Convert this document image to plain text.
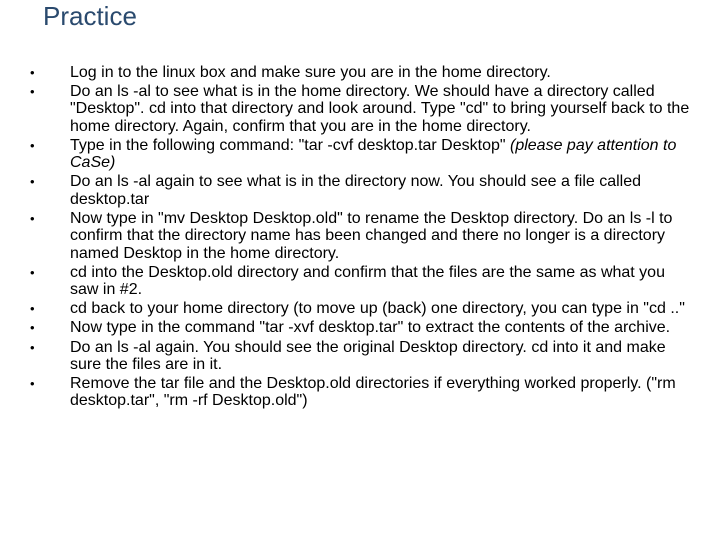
Practice
• Log in to the linux box and make sure you are in the home directory.
• Do an ls -al to see what is in the home directory. We should have a directory called "Desktop". cd into that directory and look around. Type "cd" to bring yourself back to the home directory. Again, confirm that you are in the home directory.
• Type in the following command: "tar -cvf desktop.tar Desktop" (please pay attention to CaSe)
• Do an ls -al again to see what is in the directory now. You should see a file called desktop.tar
• Now type in "mv Desktop Desktop.old" to rename the Desktop directory. Do an ls -l to confirm that the directory name has been changed and there no longer is a directory named Desktop in the home directory.
• cd into the Desktop.old directory and confirm that the files are the same as what you saw in #2.
• cd back to your home directory (to move up (back) one directory, you can type in "cd .."
• Now type in the command "tar -xvf desktop.tar" to extract the contents of the archive.
• Do an ls -al again. You should see the original Desktop directory. cd into it and make sure the files are in it.
• Remove the tar file and the Desktop.old directories if everything worked properly. ("rm desktop.tar", "rm -rf Desktop.old")
